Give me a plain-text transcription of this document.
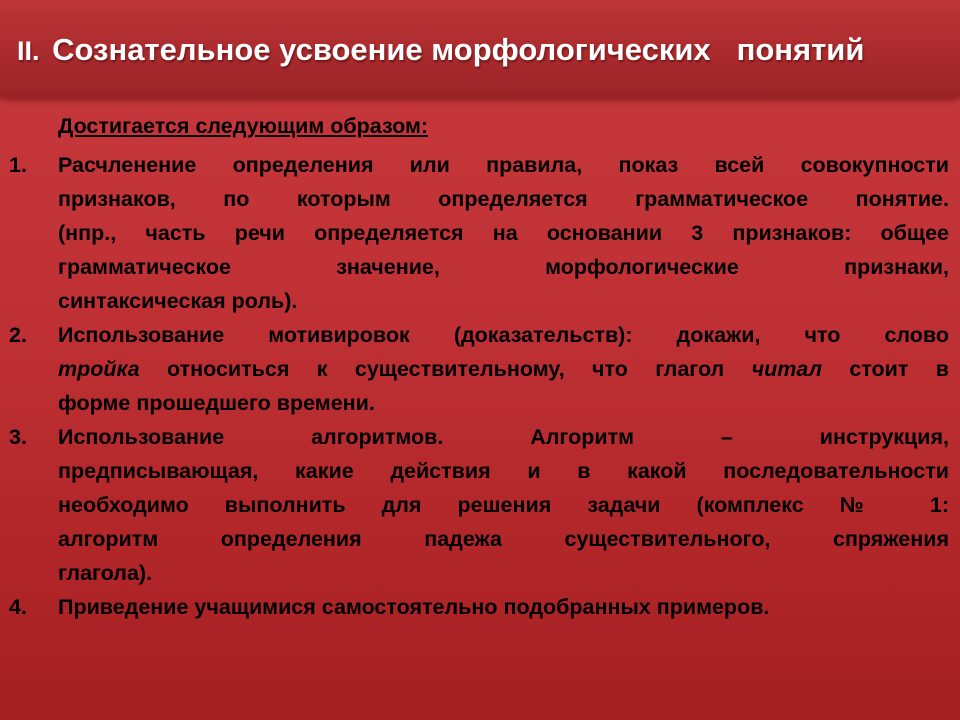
II. Сознательное усвоение морфологических понятий

Достигается следующим образом:

1. Расчленение определения или правила, показ всей совокупности
признаков, по которым определяется грамматическое понятие.
(нпр., часть речи определяется на основании 3 признаков: общее
грамматическое значение, морфологические признаки,
синтаксическая роль).
2. Использование мотивировок (доказательств): докажи, что слово
тройка относиться к существительному, что глагол читал стоит в
форме прошедшего времени.
3. Использование алгоритмов. Алгоритм – инструкция,
предписывающая, какие действия и в какой последовательности
необходимо выполнить для решения задачи (комплекс № 1:
алгоритм определения падежа существительного, спряжения
глагола).
4. Приведение учащимися самостоятельно подобранных примеров.
